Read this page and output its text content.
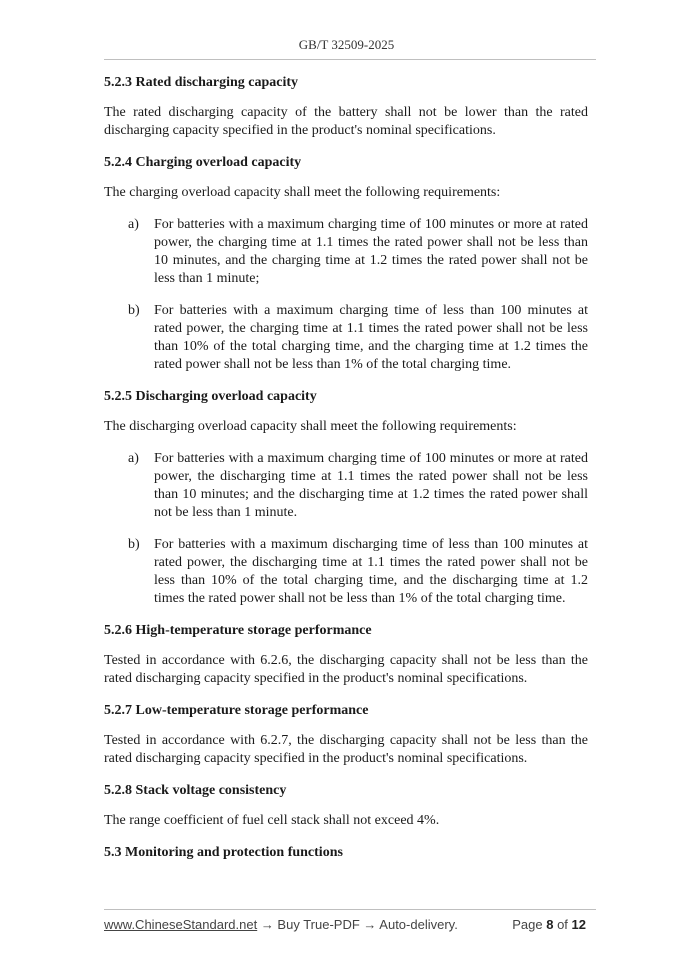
GB/T 32509-2025
5.2.3 Rated discharging capacity
The rated discharging capacity of the battery shall not be lower than the rated discharging capacity specified in the product's nominal specifications.
5.2.4 Charging overload capacity
The charging overload capacity shall meet the following requirements:
a)	For batteries with a maximum charging time of 100 minutes or more at rated power, the charging time at 1.1 times the rated power shall not be less than 10 minutes, and the charging time at 1.2 times the rated power shall not be less than 1 minute;
b)	For batteries with a maximum charging time of less than 100 minutes at rated power, the charging time at 1.1 times the rated power shall not be less than 10% of the total charging time, and the charging time at 1.2 times the rated power shall not be less than 1% of the total charging time.
5.2.5 Discharging overload capacity
The discharging overload capacity shall meet the following requirements:
a)	For batteries with a maximum charging time of 100 minutes or more at rated power, the discharging time at 1.1 times the rated power shall not be less than 10 minutes; and the discharging time at 1.2 times the rated power shall not be less than 1 minute.
b)	For batteries with a maximum discharging time of less than 100 minutes at rated power, the discharging time at 1.1 times the rated power shall not be less than 10% of the total charging time, and the discharging time at 1.2 times the rated power shall not be less than 1% of the total charging time.
5.2.6 High-temperature storage performance
Tested in accordance with 6.2.6, the discharging capacity shall not be less than the rated discharging capacity specified in the product's nominal specifications.
5.2.7 Low-temperature storage performance
Tested in accordance with 6.2.7, the discharging capacity shall not be less than the rated discharging capacity specified in the product's nominal specifications.
5.2.8 Stack voltage consistency
The range coefficient of fuel cell stack shall not exceed 4%.
5.3 Monitoring and protection functions
www.ChineseStandard.net → Buy True-PDF → Auto-delivery.	Page 8 of 12
